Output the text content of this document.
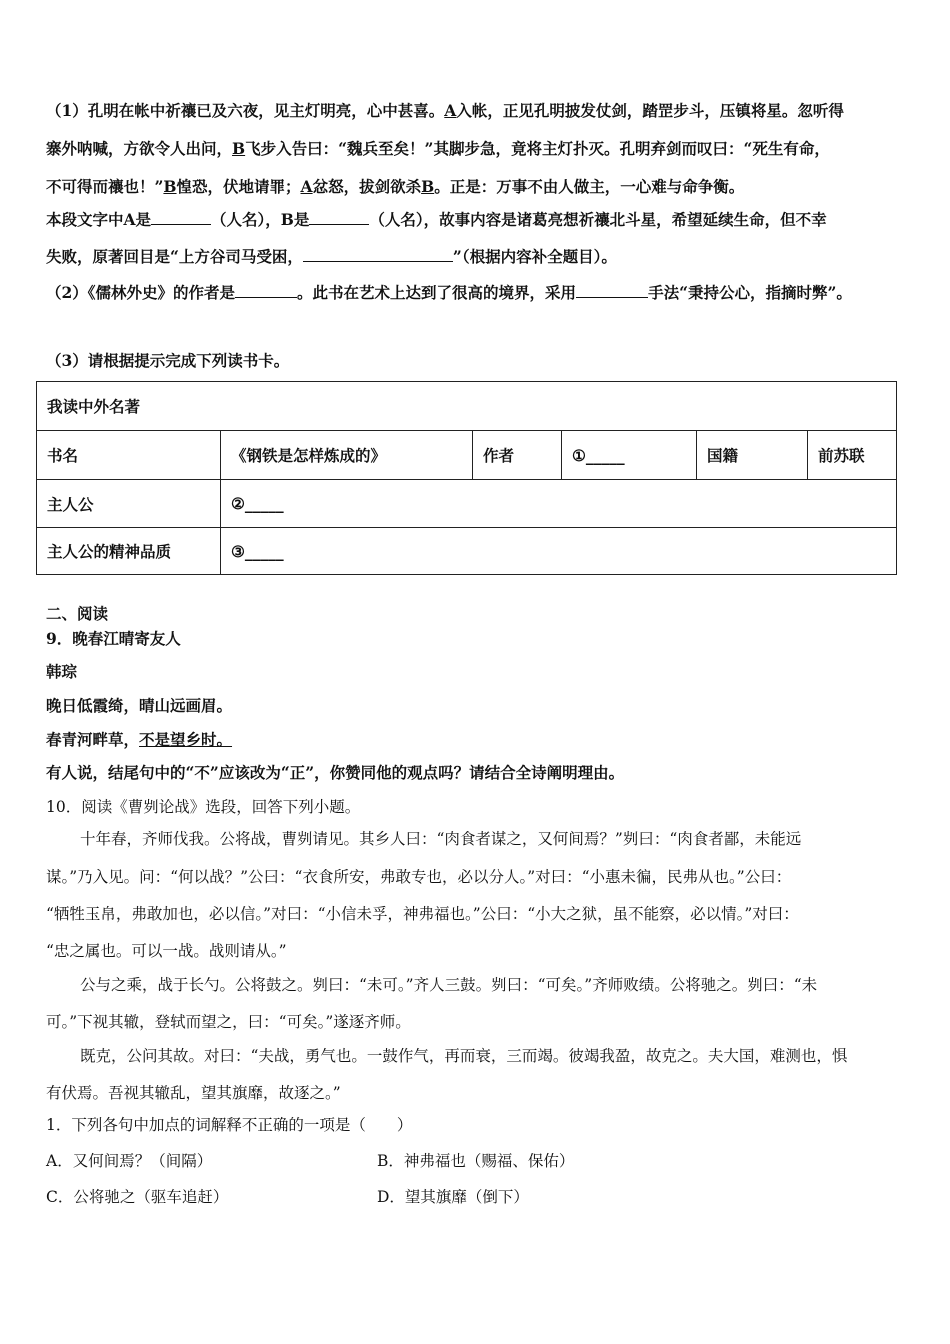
（1）孔明在帐中祈禳已及六夜，见主灯明亮，心中甚喜。A入帐，正见孔明披发仗剑，踏罡步斗，压镇将星。忽听得

寨外呐喊，方欲令人出问，B飞步入告曰：“魏兵至矣！”其脚步急，竟将主灯扑灭。孔明弃剑而叹曰：“死生有命，

不可得而禳也！”B惶恐，伏地请罪；A忿怒，拔剑欲杀B。正是：万事不由人做主，一心难与命争衡。

本段文字中A是	（人名），B是	（人名），故事内容是诸葛亮想祈禳北斗星，希望延续生命，但不幸

失败，原著回目是“上方谷司马受困，	”（根据内容补全题目）。

（2）《儒林外史》的作者是	。此书在艺术上达到了很高的境界，采用	手法“秉持公心，指摘时弊”。

（3）请根据提示完成下列读书卡。

我读中外名著					
书名	《钢铁是怎样炼成的》	作者	①_____	国籍	前苏联
主人公	②_____				
主人公的精神品质	③_____				

二、阅读

9．晚春江晴寄友人

韩琮

晚日低霞绮，晴山远画眉。

春青河畔草，不是望乡时。

有人说，结尾句中的“不”应该改为“正”，你赞同他的观点吗？请结合全诗阐明理由。

10．阅读《曹刿论战》选段，回答下列小题。

十年春，齐师伐我。公将战，曹刿请见。其乡人曰：“肉食者谋之，又何间焉？”刿曰：“肉食者鄙，未能远

谋。”乃入见。问：“何以战？”公曰：“衣食所安，弗敢专也，必以分人。”对曰：“小惠未徧，民弗从也。”公曰：

“牺牲玉帛，弗敢加也，必以信。”对曰：“小信未孚，神弗福也。”公曰：“小大之狱，虽不能察，必以情。”对曰：

“忠之属也。可以一战。战则请从。”

公与之乘，战于长勺。公将鼓之。刿曰：“未可。”齐人三鼓。刿曰：“可矣。”齐师败绩。公将驰之。刿曰：“未

可。”下视其辙，登轼而望之，曰：“可矣。”遂逐齐师。

既克，公问其故。对曰：“夫战，勇气也。一鼓作气，再而衰，三而竭。彼竭我盈，故克之。夫大国，难测也，惧

有伏焉。吾视其辙乱，望其旗靡，故逐之。”

1．下列各句中加点的词解释不正确的一项是（　　）

A．又何间焉？（间隔）	B．神弗福也（赐福、保佑）
C．公将驰之（驱车追赶）	D．望其旗靡（倒下）
